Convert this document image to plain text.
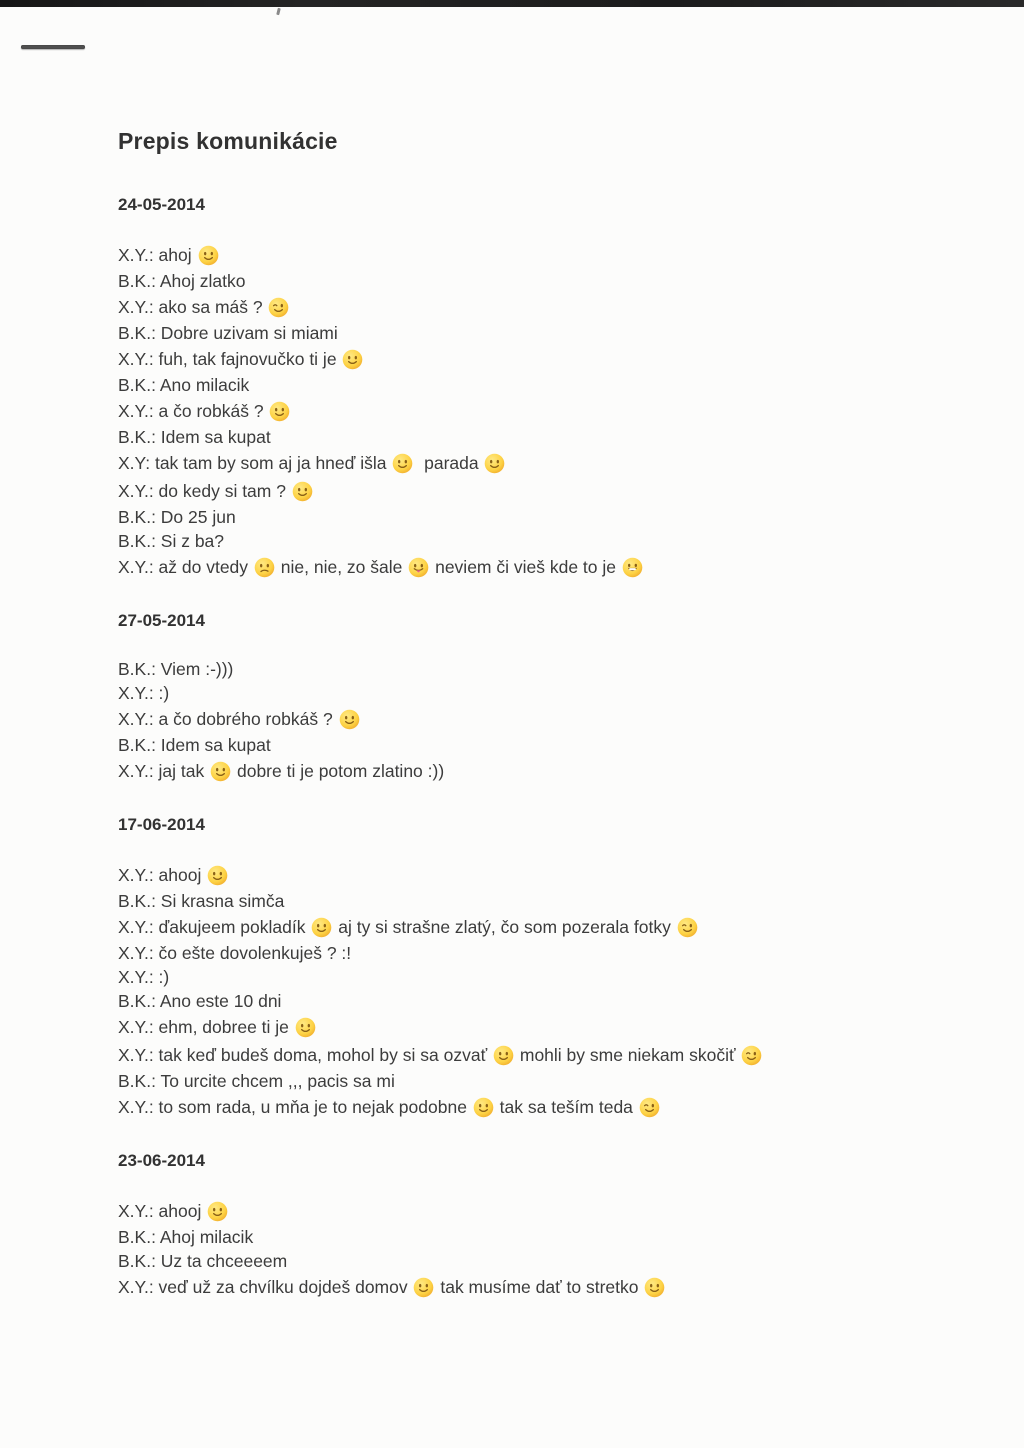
Prepis komunikácie
24-05-2014

X.Y.: ahoj

B.K.: Ahoj zlatko

X.Y.: ako sa máš ?

B.K.: Dobre uzivam si miami

X.Y.: fuh, tak fajnovučko ti je

B.K.: Ano milacik

X.Y.: a čo robkáš ?

B.K.: Idem sa kupat

X.Y: tak tam by som aj ja hneď išla
parada

X.Y.: do kedy si tam ?

B.K.: Do 25 jun

B.K.: Si z ba?

X.Y.: až do vtedy
nie, nie, zo šale
neviem či vieš kde to je

27-05-2014

B.K.: Viem :-)))

X.Y.: :)

X.Y.: a čo dobrého robkáš ?

B.K.: Idem sa kupat

X.Y.: jaj tak
dobre ti je potom zlatino :))

17-06-2014

X.Y.: ahooj

B.K.: Si krasna simča

X.Y.: ďakujeem pokladík
aj ty si strašne zlatý, čo som pozerala fotky

X.Y.: čo ešte dovolenkuješ ? :!

X.Y.: :)

B.K.: Ano este 10 dni

X.Y.: ehm, dobree ti je

X.Y.: tak keď budeš doma, mohol by si sa ozvať
mohli by sme niekam skočiť

B.K.: To urcite chcem ,,, pacis sa mi

X.Y.: to som rada, u mňa je to nejak podobne
tak sa teším teda

23-06-2014

X.Y.: ahooj

B.K.: Ahoj milacik

B.K.: Uz ta chceeeem

X.Y.: veď už za chvílku dojdeš domov
tak musíme dať to stretko
